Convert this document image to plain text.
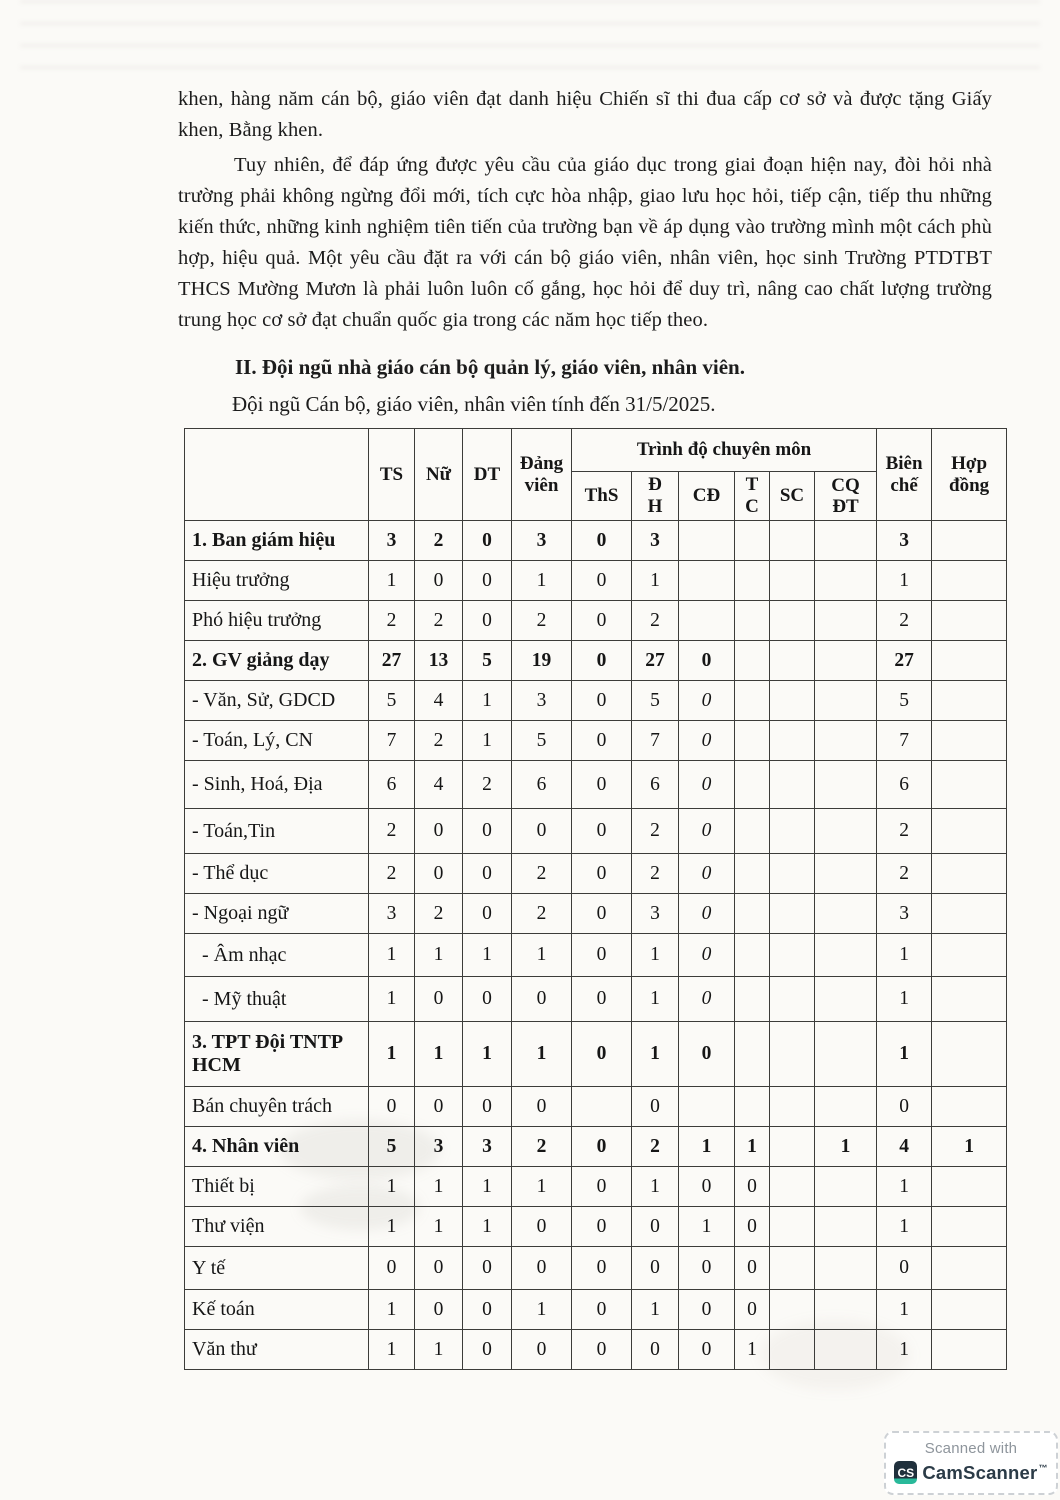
khen, hàng năm cán bộ, giáo viên đạt danh hiệu Chiến sĩ thi đua cấp cơ sở và được tặng Giấy khen, Bằng khen.

Tuy nhiên, để đáp ứng được yêu cầu của giáo dục trong giai đoạn hiện nay, đòi hỏi nhà trường phải không ngừng đổi mới, tích cực hòa nhập, giao lưu học hỏi, tiếp cận, tiếp thu những kiến thức, những kinh nghiệm tiên tiến của trường bạn về áp dụng vào trường mình một cách phù hợp, hiệu quả. Một yêu cầu đặt ra với cán bộ giáo viên, nhân viên, học sinh Trường PTDTBT THCS Mường Mươn là phải luôn luôn cố gắng, học hỏi để duy trì, nâng cao chất lượng trường trung học cơ sở đạt chuẩn quốc gia trong các năm học tiếp theo.

II. Đội ngũ nhà giáo cán bộ quản lý, giáo viên, nhân viên.

Đội ngũ Cán bộ, giáo viên, nhân viên tính đến 31/5/2025.

	TS	Nữ	DT	Đảng viên	Trình độ chuyên môn						Biên chế	Hợp đồng
					ThS	ĐH	CĐ	TC	SC	CQ ĐT		
1. Ban giám hiệu	3	2	0	3	0	3					3	
Hiệu trưởng	1	0	0	1	0	1					1	
Phó hiệu trưởng	2	2	0	2	0	2					2	
2. GV giảng dạy	27	13	5	19	0	27	0				27	
- Văn, Sử, GDCD	5	4	1	3	0	5	0				5	
- Toán, Lý, CN	7	2	1	5	0	7	0				7	
- Sinh, Hoá, Địa	6	4	2	6	0	6	0				6	
- Toán,Tin	2	0	0	0	0	2	0				2	
- Thể dục	2	0	0	2	0	2	0				2	
- Ngoại ngữ	3	2	0	2	0	3	0				3	
- Âm nhạc	1	1	1	1	0	1	0				1	
- Mỹ thuật	1	0	0	0	0	1	0				1	
3. TPT Đội TNTP HCM	1	1	1	1	0	1	0				1	
Bán chuyên trách	0	0	0	0		0					0	
4. Nhân viên	5	3	3	2	0	2	1	1		1	4	1
Thiết bị	1	1	1	1	0	1	0	0			1	
Thư viện	1	1	1	0	0	0	1	0			1	
Y tế	0	0	0	0	0	0	0	0			0	
Kế toán	1	0	0	1	0	1	0	0			1	
Văn thư	1	1	0	0	0	0	0	1			1	
Scanned with
CS CamScanner™
